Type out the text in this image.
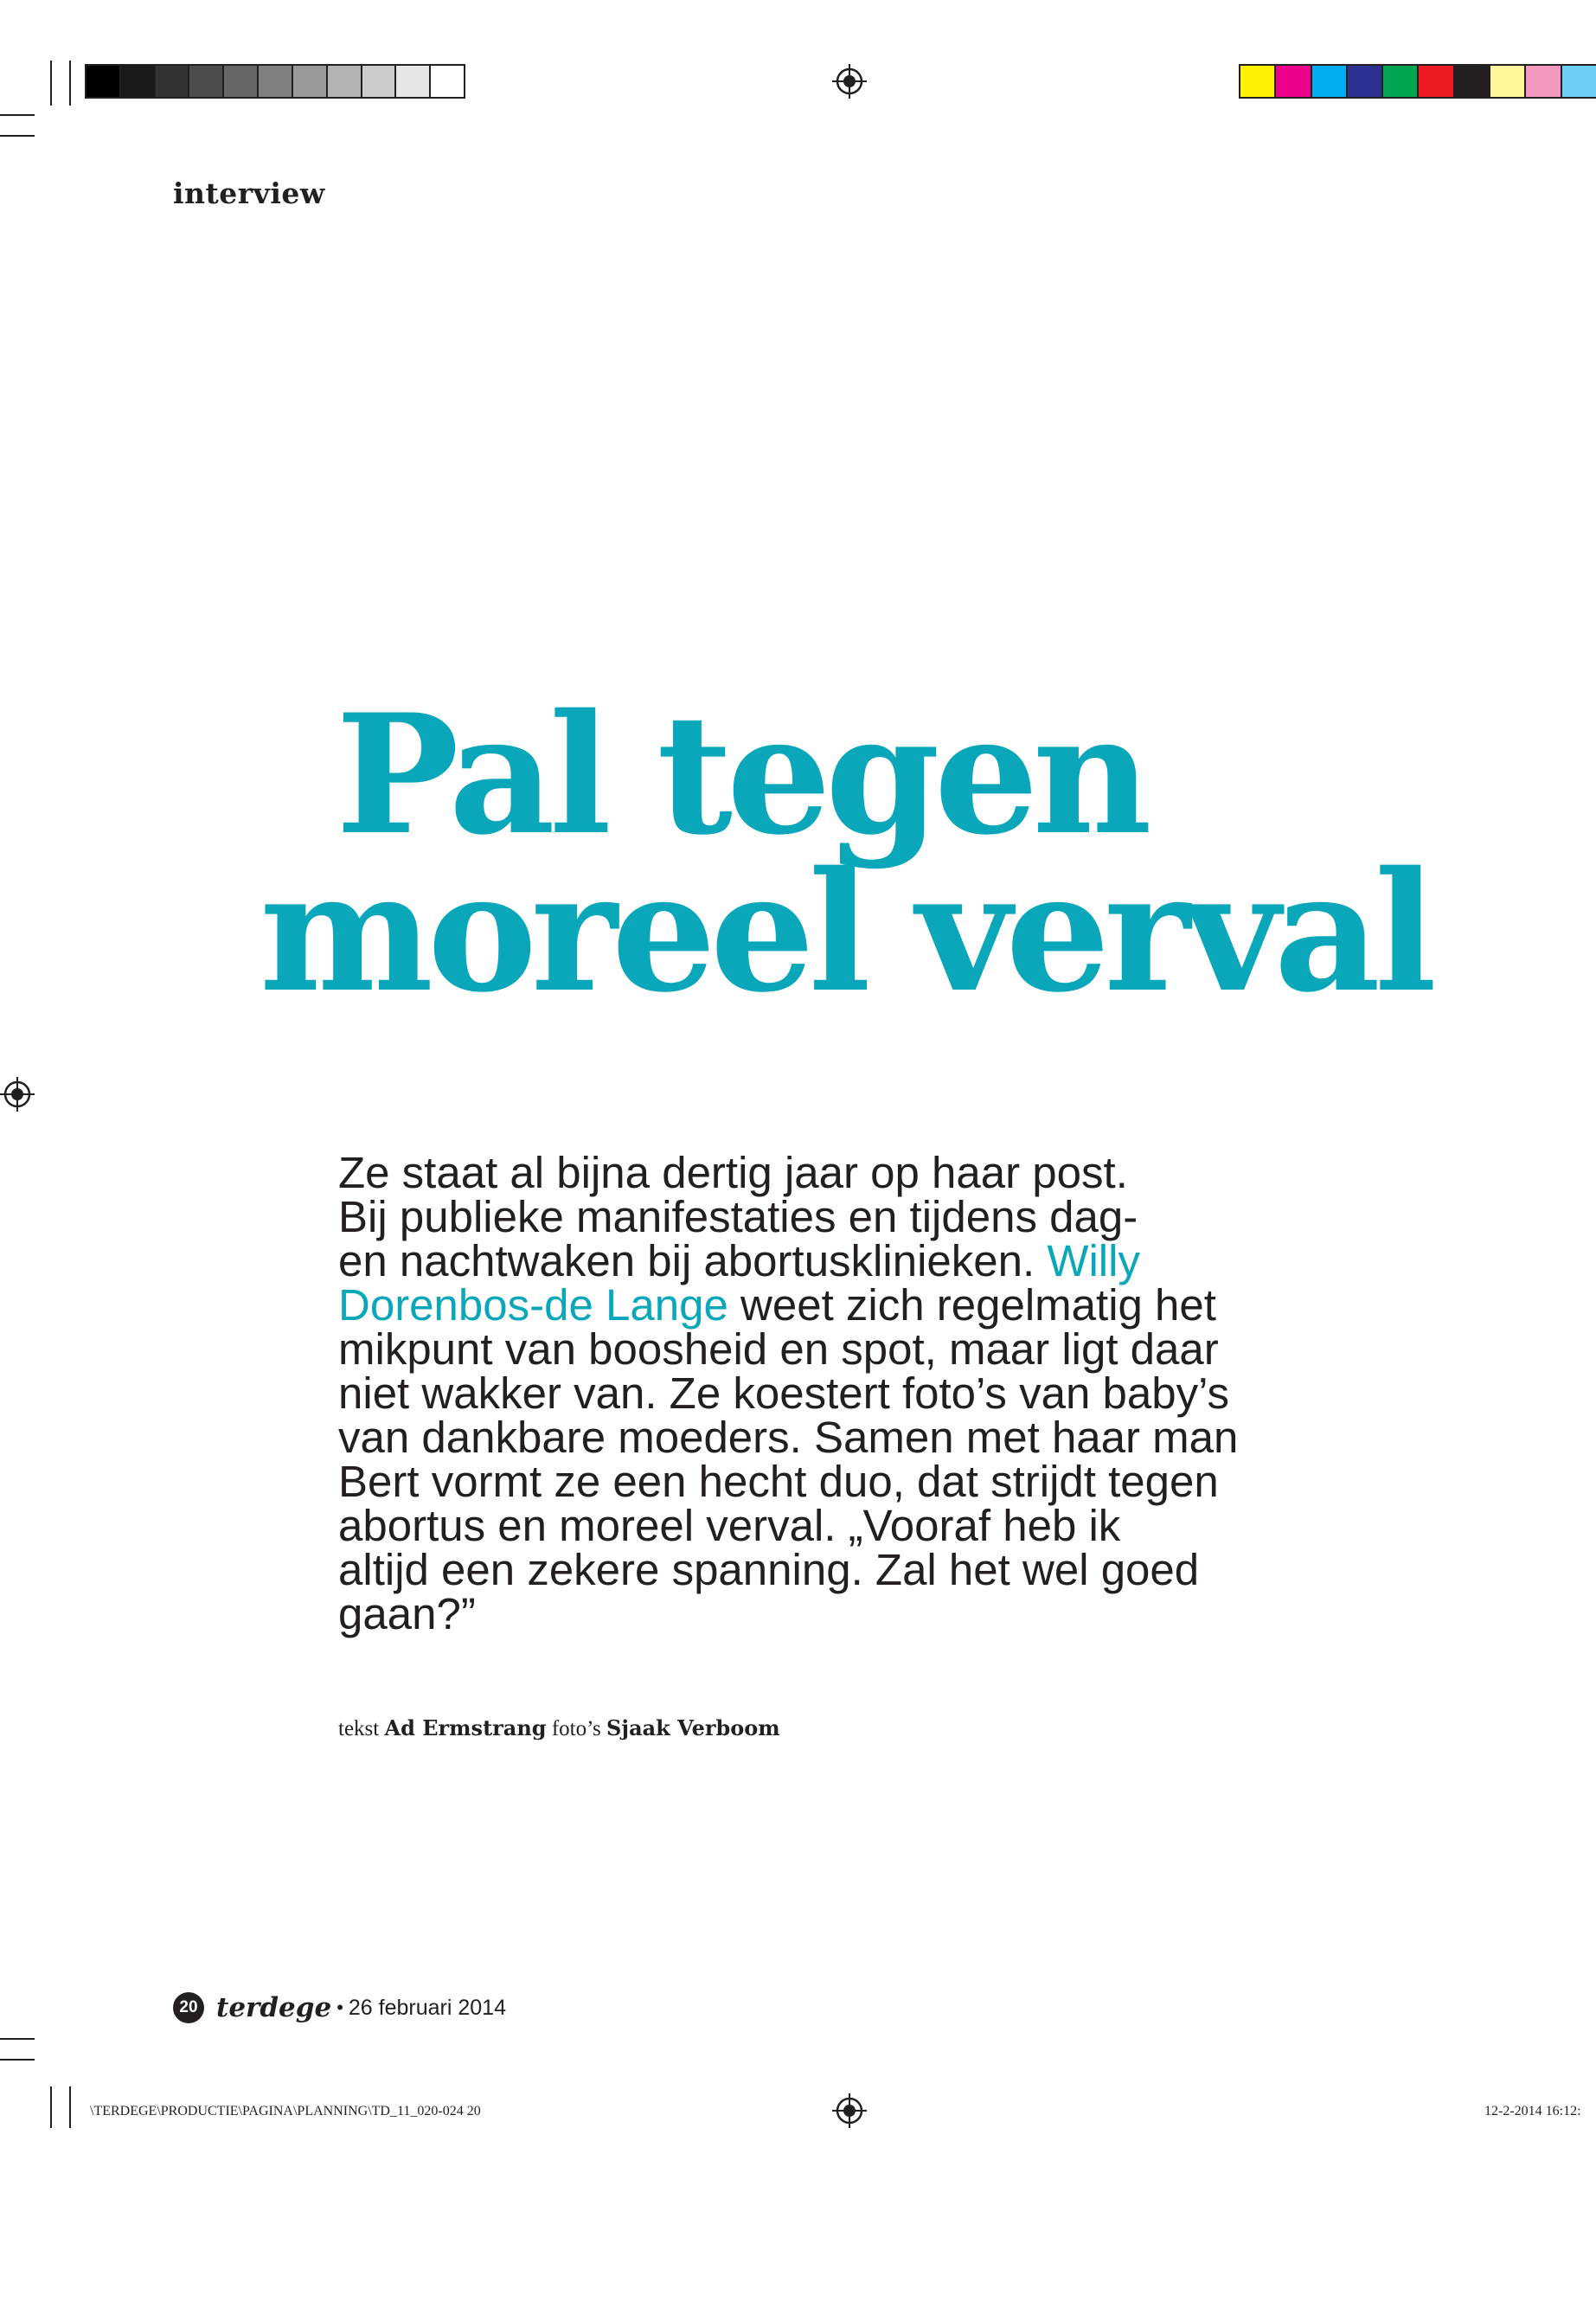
interview
Pal tegen
moreel verval

Ze staat al bijna dertig jaar op haar post.
Bij publieke manifestaties en tijdens dag-
en nachtwaken bij abortusklinieken. Willy
Dorenbos-de Lange weet zich regelmatig het
mikpunt van boosheid en spot, maar ligt daar
niet wakker van. Ze koestert foto’s van baby’s
van dankbare moeders. Samen met haar man
Bert vormt ze een hecht duo, dat strijdt tegen
abortus en moreel verval. „Vooraf heb ik
altijd een zekere spanning. Zal het wel goed
gaan?”

tekst Ad Ermstrang foto’s Sjaak Verboom
20 terdege • 26 februari 2014
\TERDEGE\PRODUCTIE\PAGINA\PLANNING\TD_11_020-024 20	12-2-2014 16:12:
